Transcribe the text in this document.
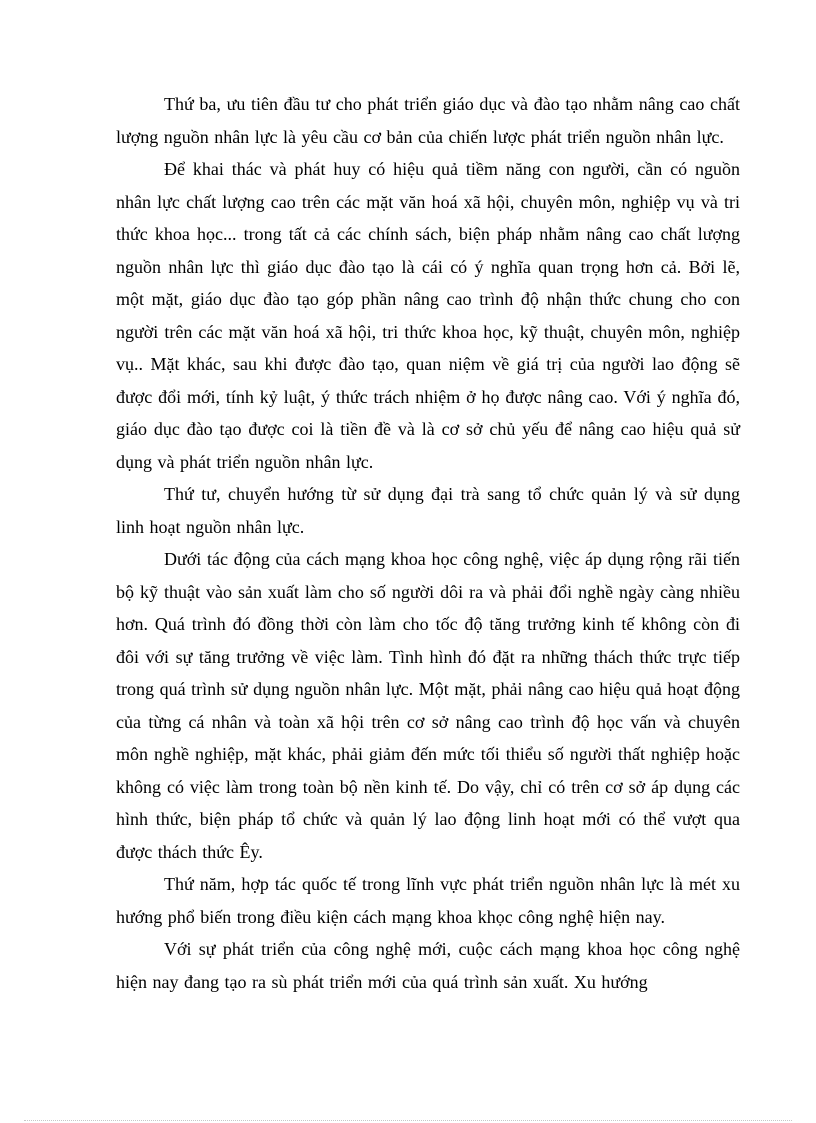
Thứ ba, ưu tiên đầu tư cho phát triển giáo dục và đào tạo nhằm nâng cao chất lượng nguồn nhân lực là yêu cầu cơ bản của chiến lược phát triển nguồn nhân lực.

Để khai thác và phát huy có hiệu quả tiềm năng con người, cần có nguồn nhân lực chất lượng cao trên các mặt văn hoá xã hội, chuyên môn, nghiệp vụ và tri thức khoa học... trong tất cả các chính sách, biện pháp nhằm nâng cao chất lượng nguồn nhân lực thì giáo dục đào tạo là cái có ý nghĩa quan trọng hơn cả. Bởi lẽ, một mặt, giáo dục đào tạo góp phần nâng cao trình độ nhận thức chung cho con người trên các mặt văn hoá xã hội, tri thức khoa học, kỹ thuật, chuyên môn, nghiệp vụ.. Mặt khác, sau khi được đào tạo, quan niệm về giá trị của người lao động sẽ được đổi mới, tính kỷ luật, ý thức trách nhiệm ở họ được nâng cao. Với ý nghĩa đó, giáo dục đào tạo được coi là tiền đề và là cơ sở chủ yếu để nâng cao hiệu quả sử dụng và phát triển nguồn nhân lực.

Thứ tư, chuyển hướng từ sử dụng đại trà sang tổ chức quản lý và sử dụng linh hoạt nguồn nhân lực.

Dưới tác động của cách mạng khoa học công nghệ, việc áp dụng rộng rãi tiến bộ kỹ thuật vào sản xuất làm cho số người dôi ra và phải đổi nghề ngày càng nhiều hơn. Quá trình đó đồng thời còn làm cho tốc độ tăng trưởng kinh tế không còn đi đôi với sự tăng trưởng về việc làm. Tình hình đó đặt ra những thách thức trực tiếp trong quá trình sử dụng nguồn nhân lực. Một mặt, phải nâng cao hiệu quả hoạt động của từng cá nhân và toàn xã hội trên cơ sở nâng cao trình độ học vấn và chuyên môn nghề nghiệp, mặt khác, phải giảm đến mức tối thiểu số người thất nghiệp hoặc không có việc làm trong toàn bộ nền kinh tế. Do vậy, chỉ có trên cơ sở áp dụng các hình thức, biện pháp tổ chức và quản lý lao động linh hoạt mới có thể vượt qua được thách thức Êy.

Thứ năm, hợp tác quốc tế trong lĩnh vực phát triển nguồn nhân lực là mét xu hướng phổ biến trong điều kiện cách mạng khoa khọc công nghệ hiện nay.

Với sự phát triển của công nghệ mới, cuộc cách mạng khoa học công nghệ hiện nay đang tạo ra sù phát triển mới của quá trình sản xuất. Xu hướng
